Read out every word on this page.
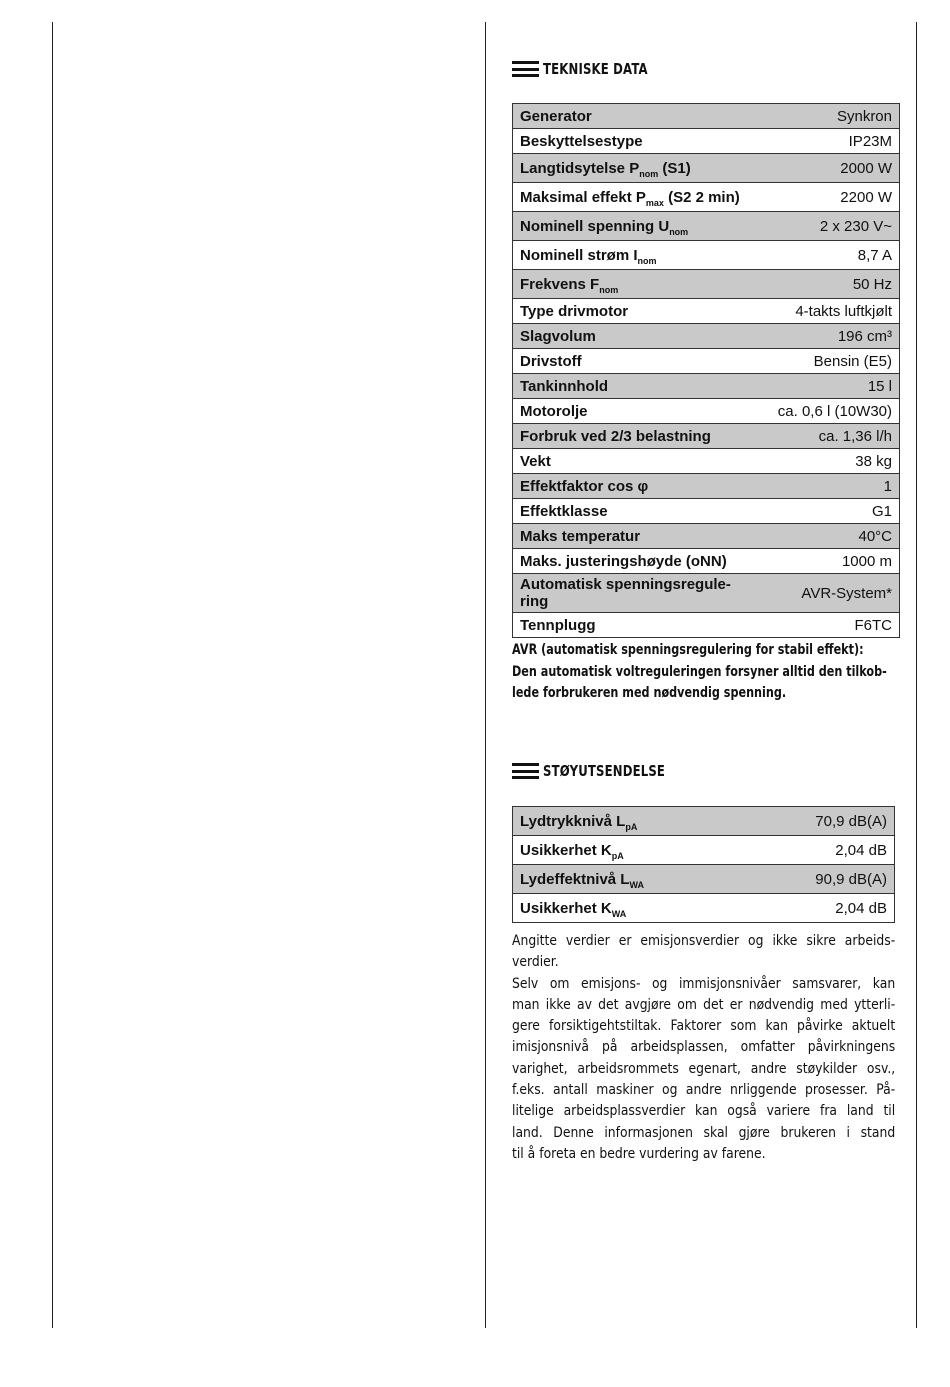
TEKNISKE DATA
Generator	Synkron
Beskyttelsestype	IP23M
Langtidsytelse $P_{nom}$ (S1)	2000 W
Maksimal effekt $P_{max}$ (S2 2 min)	2200 W
Nominell spenning $U_{nom}$	2 x 230 V~
Nominell strøm $I_{nom}$	8,7 A
Frekvens $F_{nom}$	50 Hz
Type drivmotor	4-takts luftkjølt
Slagvolum	196 cm³
Drivstoff	Bensin (E5)
Tankinnhold	15 l
Motorolje	ca. 0,6 l (10W30)
Forbruk ved 2/3 belastning	ca. 1,36 l/h
Vekt	38 kg
Effektfaktor cos φ	1
Effektklasse	G1
Maks temperatur	40°C
Maks. justeringshøyde (oNN)	1000 m
Automatisk spenningsregule-
ring	AVR-System*
Tennplugg	F6TC
AVR (automatisk spenningsregulering for stabil effekt):
Den automatisk voltreguleringen forsyner alltid den tilkob-
lede forbrukeren med nødvendig spenning.
STØYUTSENDELSE
Lydtrykknivå $L_{pA}$	70,9 dB(A)
Usikkerhet $K_{pA}$	2,04 dB
Lydeffektnivå $L_{WA}$	90,9 dB(A)
Usikkerhet $K_{WA}$	2,04 dB

Angitte verdier er emisjonsverdier og ikke sikre arbeids-

verdier.

Selv om emisjons- og immisjonsnivåer samsvarer, kan

man ikke av det avgjøre om det er nødvendig med ytterli-

gere forsiktigehtstiltak. Faktorer som kan påvirke aktuelt

imisjonsnivå på arbeidsplassen, omfatter påvirkningens

varighet, arbeidsrommets egenart, andre støykilder osv.,

f.eks. antall maskiner og andre nrliggende prosesser. På-

litelige arbeidsplassverdier kan også variere fra land til

land. Denne informasjonen skal gjøre brukeren i stand

til å foreta en bedre vurdering av farene.
